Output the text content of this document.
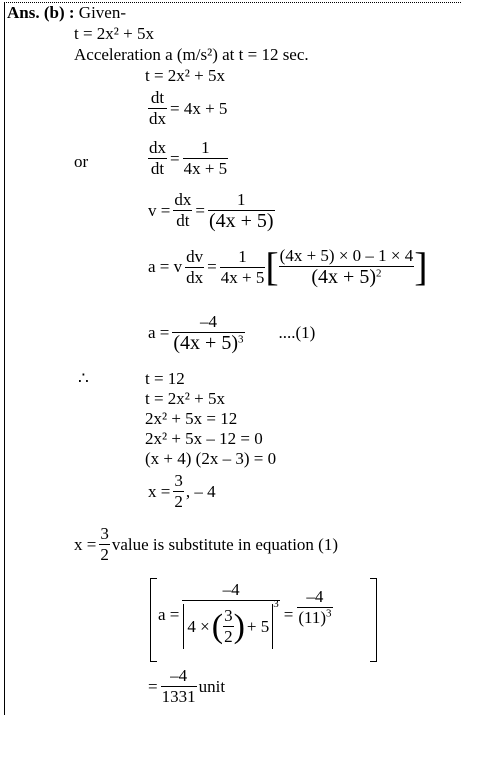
Ans. (b) : Given-
t = 2x² + 5x
Acceleration a (m/s²) at t = 12 sec.
t = 2x² + 5x
$\frac{dt}{dx} = 4x + 5$
or	$\frac{dx}{dt} = \frac{1}{4x + 5}$
$v = \frac{dx}{dt} = \frac{1}{(4x + 5)}$
a = v $\frac{dv}{dx} = \frac{1}{4x + 5}$ [ $\frac{(4x + 5) \times 0 - 1 \times 4}{(4x + 5)^2}$ ]
$a = \frac{-4}{(4x + 5)^3} ....(1)$
∴	t = 12
t = 2x² + 5x
2x² + 5x = 12
2x² + 5x – 12 = 0
(x + 4) (2x – 3) = 0
$x = \frac{3}{2}$ , – 4
$x = \frac{3}{2}$ value is substitute in equation (1)
a =
–4
4 × ( $\frac{3}{2}$ ) + 5
3
= $\frac{-4}{(11)^3}$
= $\frac{-4}{1331}$ unit
